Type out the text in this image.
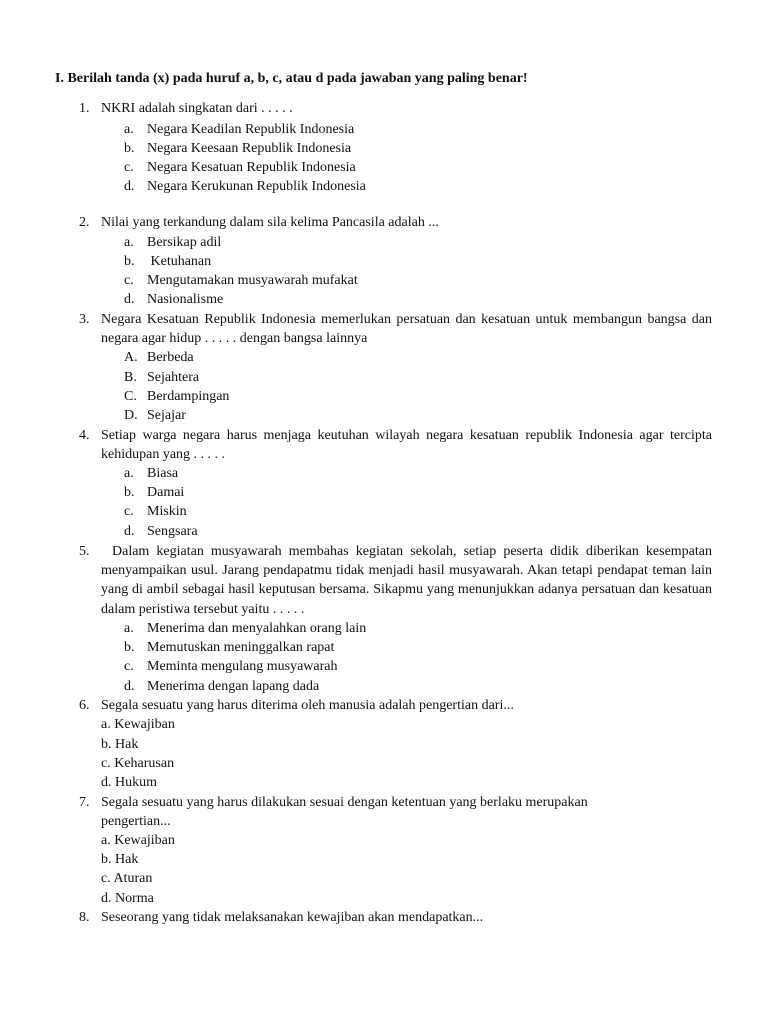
I. Berilah tanda (x) pada huruf a, b, c, atau d pada jawaban yang paling benar!
1. NKRI adalah singkatan dari . . . . .
a. Negara Keadilan Republik Indonesia
b. Negara Keesaan Republik Indonesia
c. Negara Kesatuan Republik Indonesia
d. Negara Kerukunan Republik Indonesia
2. Nilai yang terkandung dalam sila kelima Pancasila adalah ...
a. Bersikap adil
b. Ketuhanan
c. Mengutamakan musyawarah mufakat
d. Nasionalisme
3. Negara Kesatuan Republik Indonesia memerlukan persatuan dan kesatuan untuk membangun bangsa dan negara agar hidup . . . . . dengan bangsa lainnya
A. Berbeda
B. Sejahtera
C. Berdampingan
D. Sejajar
4. Setiap warga negara harus menjaga keutuhan wilayah negara kesatuan republik Indonesia agar tercipta kehidupan yang . . . . .
a. Biasa
b. Damai
c. Miskin
d. Sengsara
5.	Dalam kegiatan musyawarah membahas kegiatan sekolah, setiap peserta didik diberikan kesempatan menyampaikan usul. Jarang pendapatmu tidak menjadi hasil musyawarah. Akan tetapi pendapat teman lain yang di ambil sebagai hasil keputusan bersama. Sikapmu yang menunjukkan adanya persatuan dan kesatuan dalam peristiwa tersebut yaitu . . . . .
a. Menerima dan menyalahkan orang lain
b. Memutuskan meninggalkan rapat
c. Meminta mengulang musyawarah
d. Menerima dengan lapang dada
6. Segala sesuatu yang harus diterima oleh manusia adalah pengertian dari...
a. Kewajiban
b. Hak
c. Keharusan
d. Hukum
7. Segala sesuatu yang harus dilakukan sesuai dengan ketentuan yang berlaku merupakan
pengertian...
a. Kewajiban
b. Hak
c. Aturan
d. Norma
8. Seseorang yang tidak melaksanakan kewajiban akan mendapatkan...
